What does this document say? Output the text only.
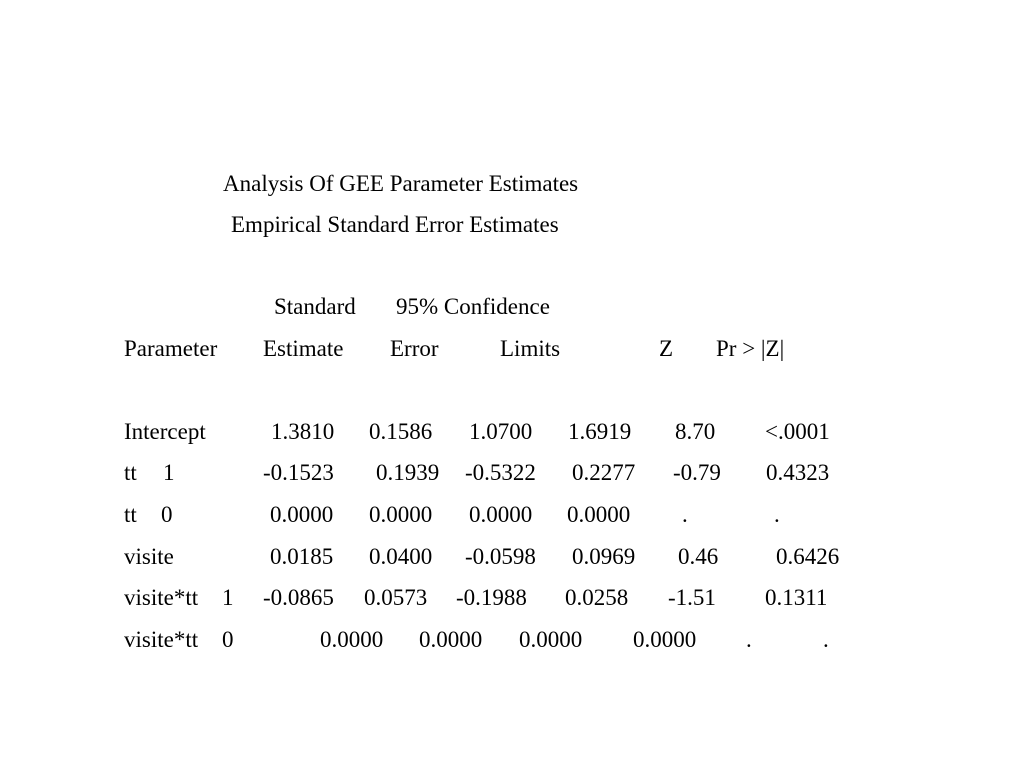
Analysis Of GEE Parameter Estimates
Empirical Standard Error Estimates
Standard 95% Confidence
Parameter Estimate Error	Limits	Z Pr > |Z|
Intercept	1.3810 0.1586 1.0700 1.6919 8.70 <.0001
tt 1	-0.1523 0.1939 -0.5322 0.2277 -0.79 0.4323
tt 0	0.0000 0.0000 0.0000 0.0000 .	.
visite	0.0185 0.0400 -0.0598 0.0969 0.46	0.6426
visite*tt 1 -0.0865 0.0573 -0.1988 0.0258 -1.51 0.1311
visite*tt 0	0.0000 0.0000 0.0000 0.0000 .	.
